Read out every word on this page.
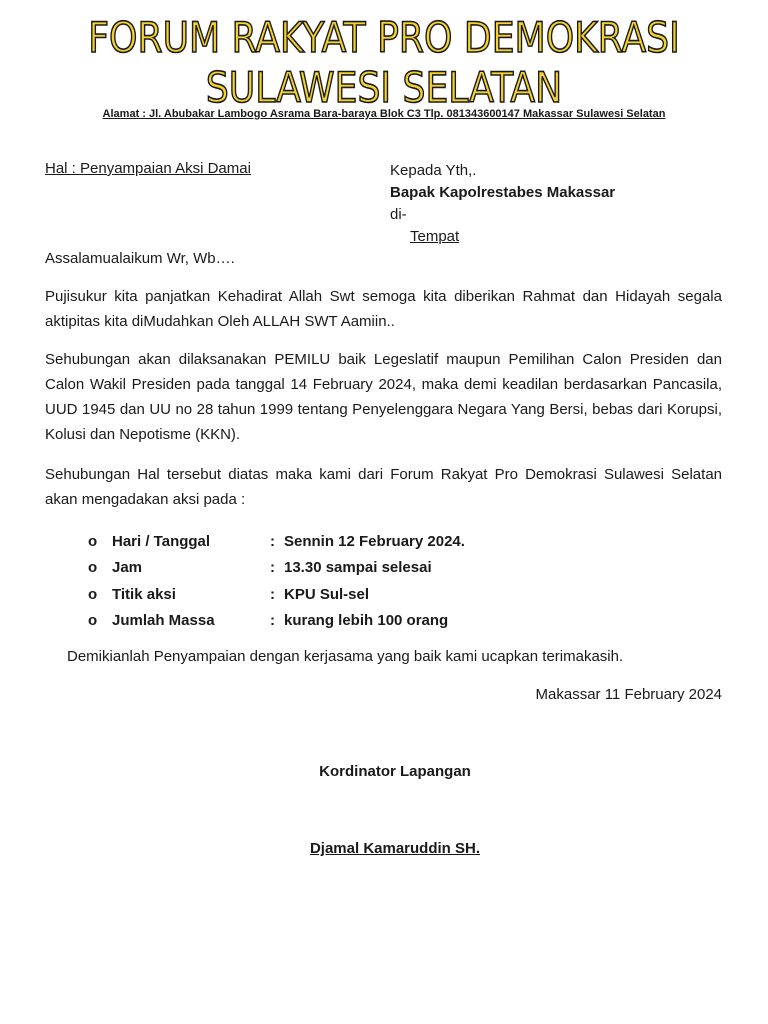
FORUM RAKYAT PRO DEMOKRASI
SULAWESI SELATAN
Alamat : Jl. Abubakar Lambogo Asrama Bara-baraya Blok C3 Tlp. 081343600147 Makassar Sulawesi Selatan
Hal : Penyampaian Aksi Damai	Kepada Yth,.
Bapak Kapolrestabes Makassar
di-
Tempat

Assalamualaikum Wr, Wb….

Pujisukur kita panjatkan Kehadirat Allah Swt semoga kita diberikan Rahmat dan Hidayah segala aktipitas kita diMudahkan Oleh ALLAH SWT Aamiin..

Sehubungan akan dilaksanakan PEMILU baik Legeslatif maupun Pemilihan Calon Presiden dan Calon Wakil Presiden pada tanggal 14 February 2024, maka demi keadilan berdasarkan Pancasila, UUD 1945 dan UU no 28 tahun 1999 tentang Penyelenggara Negara Yang Bersi, bebas dari Korupsi, Kolusi dan Nepotisme (KKN).

Sehubungan Hal tersebut diatas maka kami dari Forum Rakyat Pro Demokrasi Sulawesi Selatan akan mengadakan aksi pada :

o Hari / Tanggal	: Sennin 12 February 2024.
o Jam	: 13.30 sampai selesai
o Titik aksi	: KPU Sul-sel
o Jumlah Massa	: kurang lebih 100 orang
Demikianlah Penyampaian dengan kerjasama yang baik kami ucapkan terimakasih.
Makassar 11 February 2024
Kordinator Lapangan
Djamal Kamaruddin SH.
